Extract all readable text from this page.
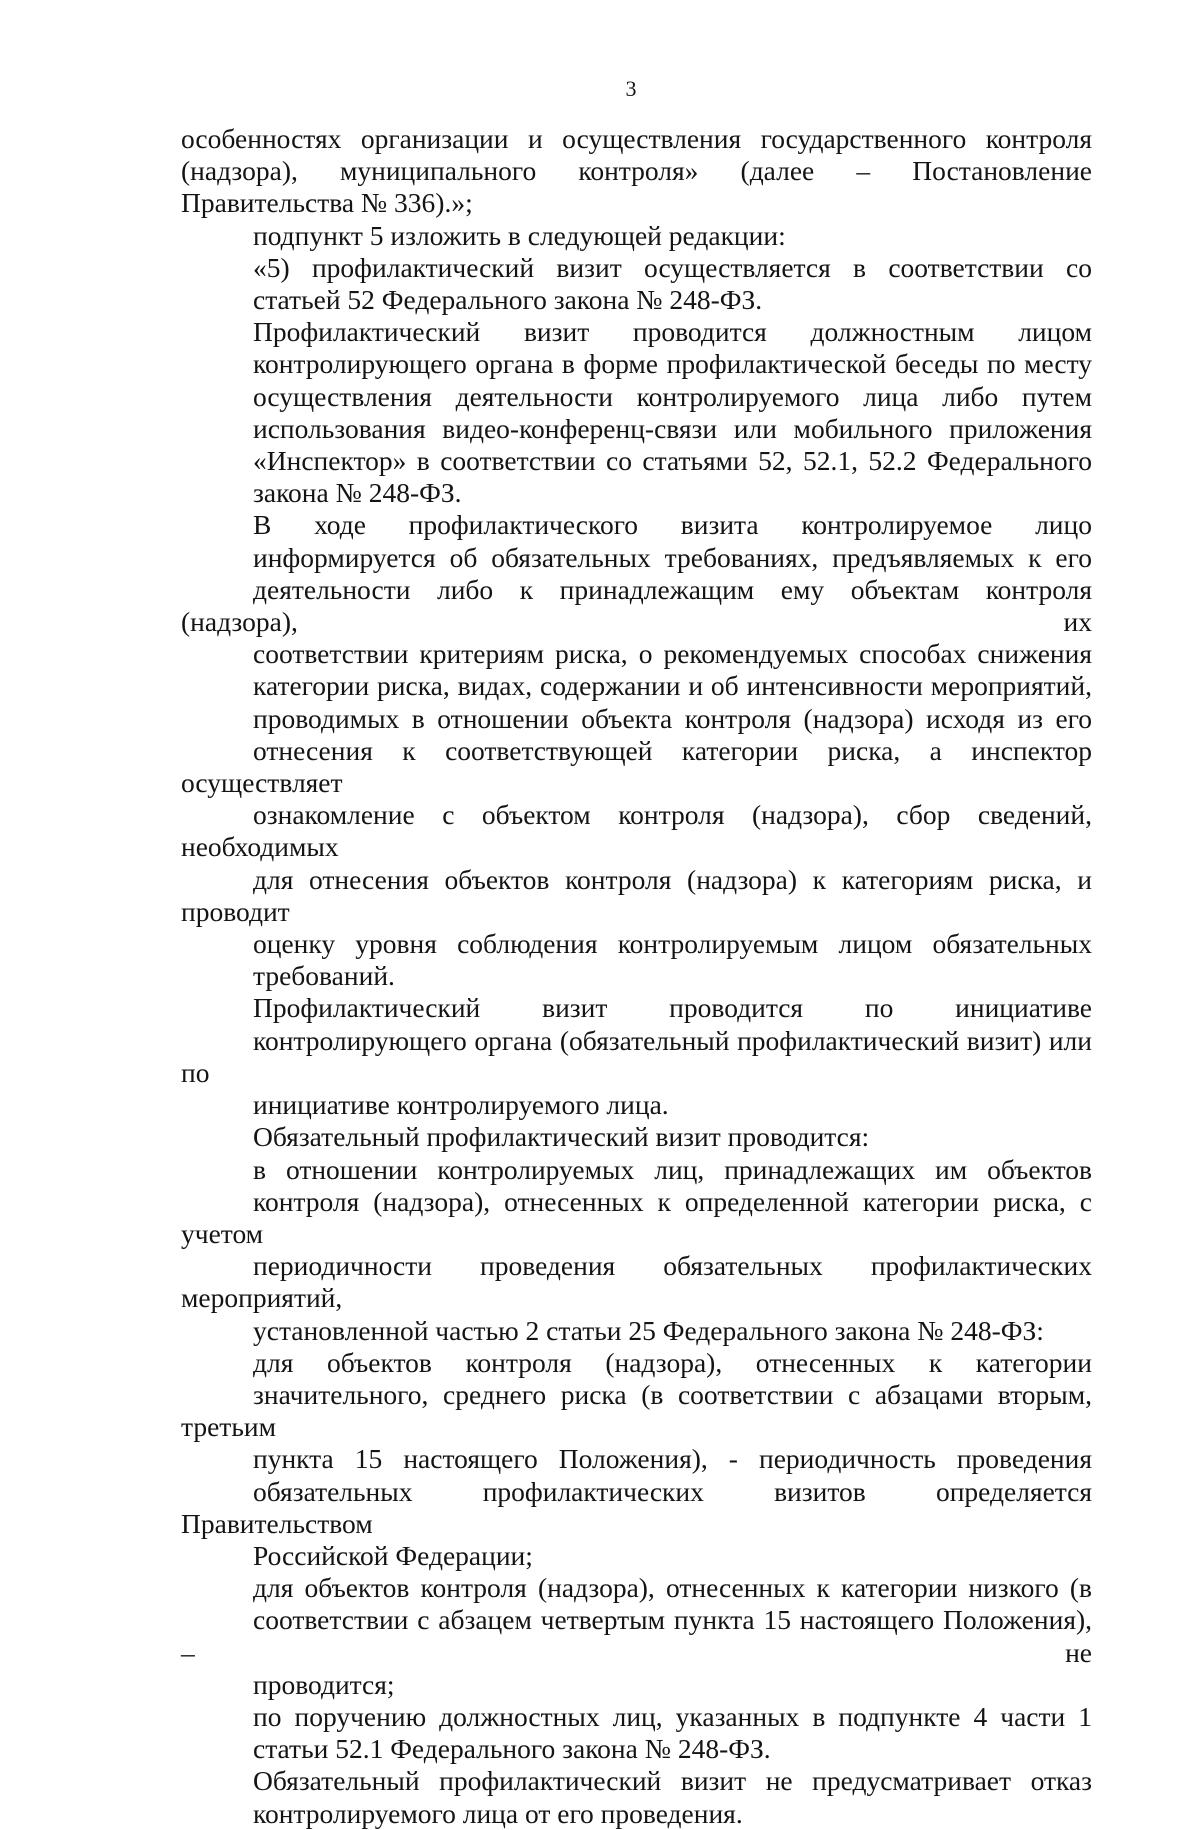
3

особенностях организации и осуществления государственного контроля
(надзора), муниципального контроля» (далее – Постановление
Правительства № 336).»;

подпункт 5 изложить в следующей редакции:

«5) профилактический визит осуществляется в соответствии со
статьей 52 Федерального закона № 248-ФЗ.

Профилактический визит проводится должностным лицом
контролирующего органа в форме профилактической беседы по месту
осуществления деятельности контролируемого лица либо путем
использования видео-конференц-связи или мобильного приложения
«Инспектор» в соответствии со статьями 52, 52.1, 52.2 Федерального
закона № 248-ФЗ.

В ходе профилактического визита контролируемое лицо
информируется об обязательных требованиях, предъявляемых к его
деятельности либо к принадлежащим ему объектам контроля (надзора), их
соответствии критериям риска, о рекомендуемых способах снижения
категории риска, видах, содержании и об интенсивности мероприятий,
проводимых в отношении объекта контроля (надзора) исходя из его
отнесения к соответствующей категории риска, а инспектор осуществляет
ознакомление с объектом контроля (надзора), сбор сведений, необходимых
для отнесения объектов контроля (надзора) к категориям риска, и проводит
оценку уровня соблюдения контролируемым лицом обязательных
требований.

Профилактический визит проводится по инициативе
контролирующего органа (обязательный профилактический визит) или по
инициативе контролируемого лица.

Обязательный профилактический визит проводится:

в отношении контролируемых лиц, принадлежащих им объектов
контроля (надзора), отнесенных к определенной категории риска, с учетом
периодичности проведения обязательных профилактических мероприятий,
установленной частью 2 статьи 25 Федерального закона № 248-ФЗ:

для объектов контроля (надзора), отнесенных к категории
значительного, среднего риска (в соответствии с абзацами вторым, третьим
пункта 15 настоящего Положения), - периодичность проведения
обязательных профилактических визитов определяется Правительством
Российской Федерации;

для объектов контроля (надзора), отнесенных к категории низкого (в
соответствии с абзацем четвертым пункта 15 настоящего Положения), – не
проводится;

по поручению должностных лиц, указанных в подпункте 4 части 1
статьи 52.1 Федерального закона № 248-ФЗ.

Обязательный профилактический визит не предусматривает отказ
контролируемого лица от его проведения.
